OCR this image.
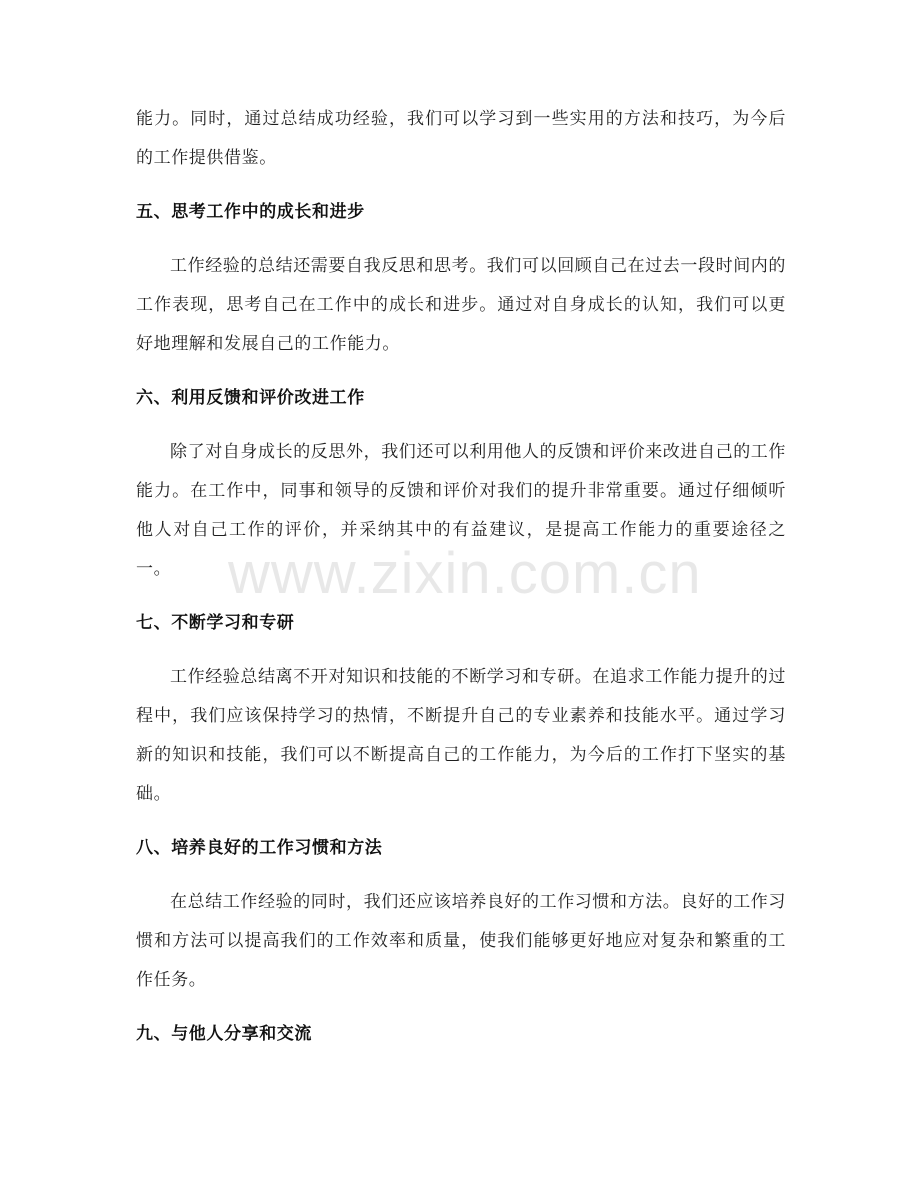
能力。同时，通过总结成功经验，我们可以学习到一些实用的方法和技巧，为今后的工作提供借鉴。

五、思考工作中的成长和进步

工作经验的总结还需要自我反思和思考。我们可以回顾自己在过去一段时间内的工作表现，思考自己在工作中的成长和进步。通过对自身成长的认知，我们可以更好地理解和发展自己的工作能力。

六、利用反馈和评价改进工作

除了对自身成长的反思外，我们还可以利用他人的反馈和评价来改进自己的工作能力。在工作中，同事和领导的反馈和评价对我们的提升非常重要。通过仔细倾听他人对自己工作的评价，并采纳其中的有益建议，是提高工作能力的重要途径之一。

七、不断学习和专研

工作经验总结离不开对知识和技能的不断学习和专研。在追求工作能力提升的过程中，我们应该保持学习的热情，不断提升自己的专业素养和技能水平。通过学习新的知识和技能，我们可以不断提高自己的工作能力，为今后的工作打下坚实的基础。

八、培养良好的工作习惯和方法

在总结工作经验的同时，我们还应该培养良好的工作习惯和方法。良好的工作习惯和方法可以提高我们的工作效率和质量，使我们能够更好地应对复杂和繁重的工作任务。

九、与他人分享和交流
www.zixin.com.cn
